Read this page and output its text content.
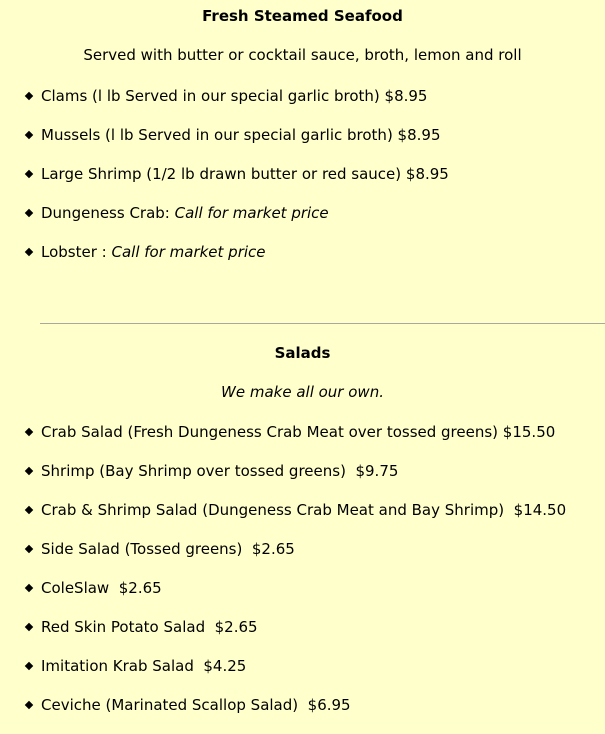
Fresh Steamed Seafood
Served with butter or cocktail sauce, broth, lemon and roll
Clams (l lb Served in our special garlic broth) $8.95
Mussels (l lb Served in our special garlic broth) $8.95
Large Shrimp (1/2 lb drawn butter or red sauce) $8.95
Dungeness Crab: Call for market price
Lobster : Call for market price
Salads
We make all our own.
Crab Salad (Fresh Dungeness Crab Meat over tossed greens) $15.50
Shrimp (Bay Shrimp over tossed greens)  $9.75
Crab & Shrimp Salad (Dungeness Crab Meat and Bay Shrimp)  $14.50
Side Salad (Tossed greens)  $2.65
ColeSlaw  $2.65
Red Skin Potato Salad  $2.65
Imitation Krab Salad  $4.25
Ceviche (Marinated Scallop Salad)  $6.95
